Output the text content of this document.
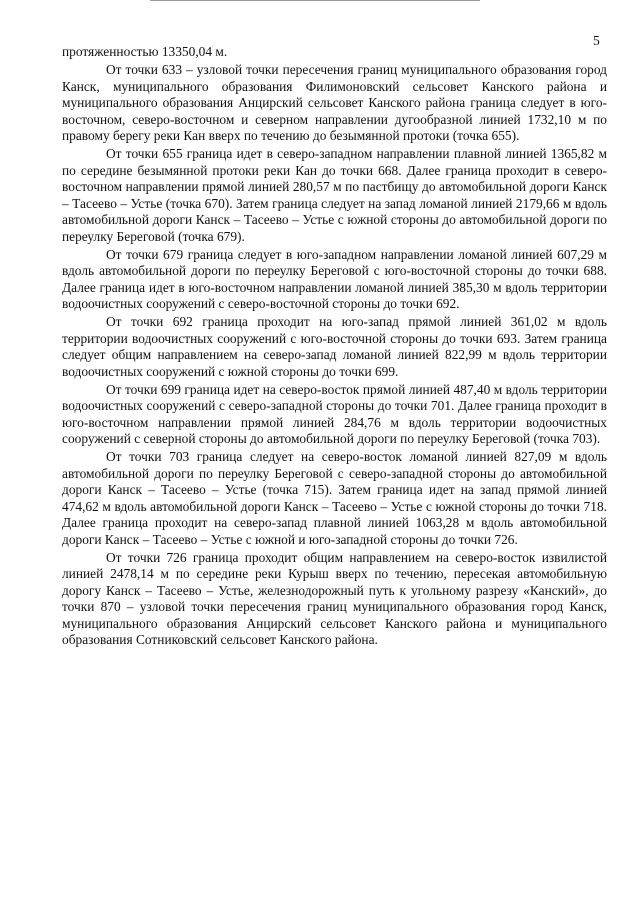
5

протяженностью 13350,04 м.

От точки 633 – узловой точки пересечения границ муниципального образования город Канск, муниципального образования Филимоновский сельсовет Канского района и муниципального образования Анцирский сельсовет Канского района граница следует в юго-восточном, северо-восточном и северном направлении дугообразной линией 1732,10 м по правому берегу реки Кан вверх по течению до безымянной протоки (точка 655).

От точки 655 граница идет в северо-западном направлении плавной линией 1365,82 м по середине безымянной протоки реки Кан до точки 668. Далее граница проходит в северо-восточном направлении прямой линией 280,57 м по пастбищу до автомобильной дороги Канск – Тасеево – Устье (точка 670). Затем граница следует на запад ломаной линией 2179,66 м вдоль автомобильной дороги Канск – Тасеево – Устье с южной стороны до автомобильной дороги по переулку Береговой (точка 679).

От точки 679 граница следует в юго-западном направлении ломаной линией 607,29 м вдоль автомобильной дороги по переулку Береговой с юго-восточной стороны до точки 688. Далее граница идет в юго-восточном направлении ломаной линией 385,30 м вдоль территории водоочистных сооружений с северо-восточной стороны до точки 692.

От точки 692 граница проходит на юго-запад прямой линией 361,02 м вдоль территории водоочистных сооружений с юго-восточной стороны до точки 693. Затем граница следует общим направлением на северо-запад ломаной линией 822,99 м вдоль территории водоочистных сооружений с южной стороны до точки 699.

От точки 699 граница идет на северо-восток прямой линией 487,40 м вдоль территории водоочистных сооружений с северо-западной стороны до точки 701. Далее граница проходит в юго-восточном направлении прямой линией 284,76 м вдоль территории водоочистных сооружений с северной стороны до автомобильной дороги по переулку Береговой (точка 703).

От точки 703 граница следует на северо-восток ломаной линией 827,09 м вдоль автомобильной дороги по переулку Береговой с северо-западной стороны до автомобильной дороги Канск – Тасеево – Устье (точка 715). Затем граница идет на запад прямой линией 474,62 м вдоль автомобильной дороги Канск – Тасеево – Устье с южной стороны до точки 718. Далее граница проходит на северо-запад плавной линией 1063,28 м вдоль автомобильной дороги Канск – Тасеево – Устье с южной и юго-западной стороны до точки 726.

От точки 726 граница проходит общим направлением на северо-восток извилистой линией 2478,14 м по середине реки Курыш вверх по течению, пересекая автомобильную дорогу Канск – Тасеево – Устье, железнодорожный путь к угольному разрезу «Канский», до точки 870 – узловой точки пересечения границ муниципального образования город Канск, муниципального образования Анцирский сельсовет Канского района и муниципального образования Сотниковский сельсовет Канского района.
